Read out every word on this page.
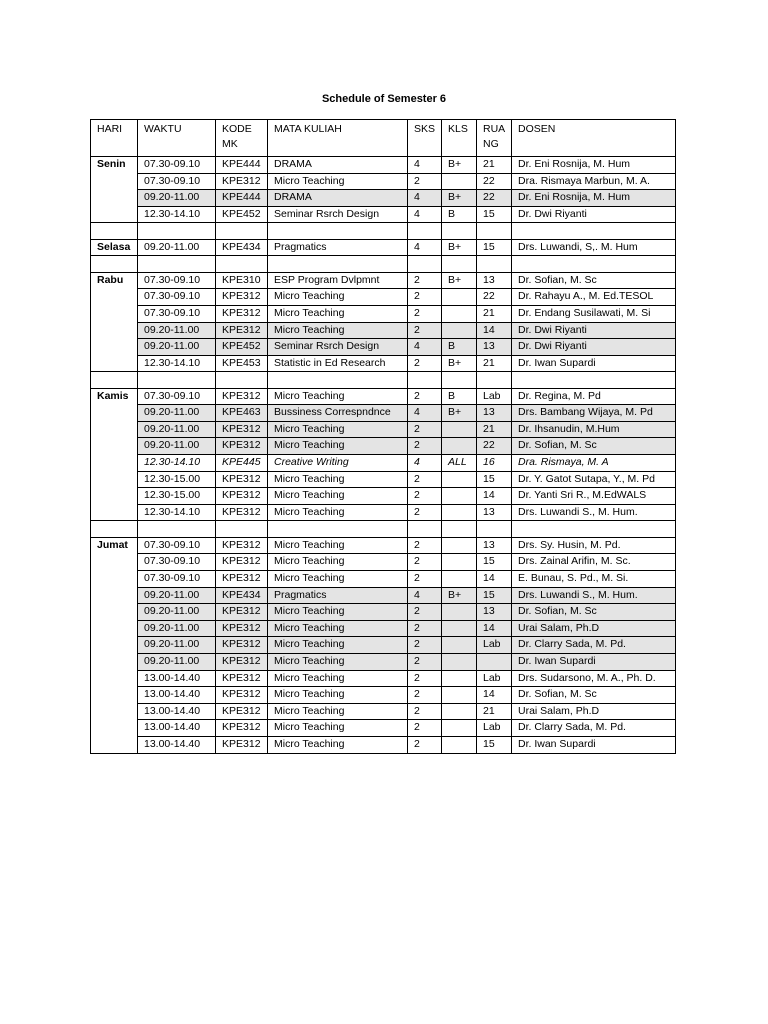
Schedule of Semester 6
HARI	WAKTU	KODE MK	MATA KULIAH	SKS	KLS	RUA NG	DOSEN
Senin	07.30-09.10	KPE444	DRAMA	4	B+	21	Dr. Eni Rosnija, M. Hum
	07.30-09.10	KPE312	Micro Teaching	2		22	Dra. Rismaya Marbun, M. A.
	09.20-11.00	KPE444	DRAMA	4	B+	22	Dr. Eni Rosnija, M. Hum
	12.30-14.10	KPE452	Seminar Rsrch Design	4	B	15	Dr. Dwi Riyanti

Selasa	09.20-11.00	KPE434	Pragmatics	4	B+	15	Drs. Luwandi, S,. M. Hum

Rabu	07.30-09.10	KPE310	ESP Program Dvlpmnt	2	B+	13	Dr. Sofian, M. Sc
	07.30-09.10	KPE312	Micro Teaching	2		22	Dr. Rahayu A., M. Ed.TESOL
	07.30-09.10	KPE312	Micro Teaching	2		21	Dr. Endang Susilawati, M. Si
	09.20-11.00	KPE312	Micro Teaching	2		14	Dr. Dwi Riyanti
	09.20-11.00	KPE452	Seminar Rsrch Design	4	B	13	Dr. Dwi Riyanti
	12.30-14.10	KPE453	Statistic in Ed Research	2	B+	21	Dr. Iwan Supardi

Kamis	07.30-09.10	KPE312	Micro Teaching	2	B	Lab	Dr. Regina, M. Pd
	09.20-11.00	KPE463	Bussiness Correspndnce	4	B+	13	Drs. Bambang Wijaya, M. Pd
	09.20-11.00	KPE312	Micro Teaching	2		21	Dr. Ihsanudin, M.Hum
	09.20-11.00	KPE312	Micro Teaching	2		22	Dr. Sofian, M. Sc
	12.30-14.10	KPE445	Creative Writing	4	ALL	16	Dra. Rismaya, M. A
	12.30-15.00	KPE312	Micro Teaching	2		15	Dr. Y. Gatot Sutapa, Y., M. Pd
	12.30-15.00	KPE312	Micro Teaching	2		14	Dr. Yanti Sri R., M.EdWALS
	12.30-14.10	KPE312	Micro Teaching	2		13	Drs. Luwandi S., M. Hum.

Jumat	07.30-09.10	KPE312	Micro Teaching	2		13	Drs. Sy. Husin, M. Pd.
	07.30-09.10	KPE312	Micro Teaching	2		15	Drs. Zainal Arifin, M. Sc.
	07.30-09.10	KPE312	Micro Teaching	2		14	E. Bunau, S. Pd., M. Si.
	09.20-11.00	KPE434	Pragmatics	4	B+	15	Drs. Luwandi S., M. Hum.
	09.20-11.00	KPE312	Micro Teaching	2		13	Dr. Sofian, M. Sc
	09.20-11.00	KPE312	Micro Teaching	2		14	Urai Salam, Ph.D
	09.20-11.00	KPE312	Micro Teaching	2		Lab	Dr. Clarry Sada, M. Pd.
	09.20-11.00	KPE312	Micro Teaching	2			Dr. Iwan Supardi
	13.00-14.40	KPE312	Micro Teaching	2		Lab	Drs. Sudarsono, M. A., Ph. D.
	13.00-14.40	KPE312	Micro Teaching	2		14	Dr. Sofian, M. Sc
	13.00-14.40	KPE312	Micro Teaching	2		21	Urai Salam, Ph.D
	13.00-14.40	KPE312	Micro Teaching	2		Lab	Dr. Clarry Sada, M. Pd.
	13.00-14.40	KPE312	Micro Teaching	2		15	Dr. Iwan Supardi
